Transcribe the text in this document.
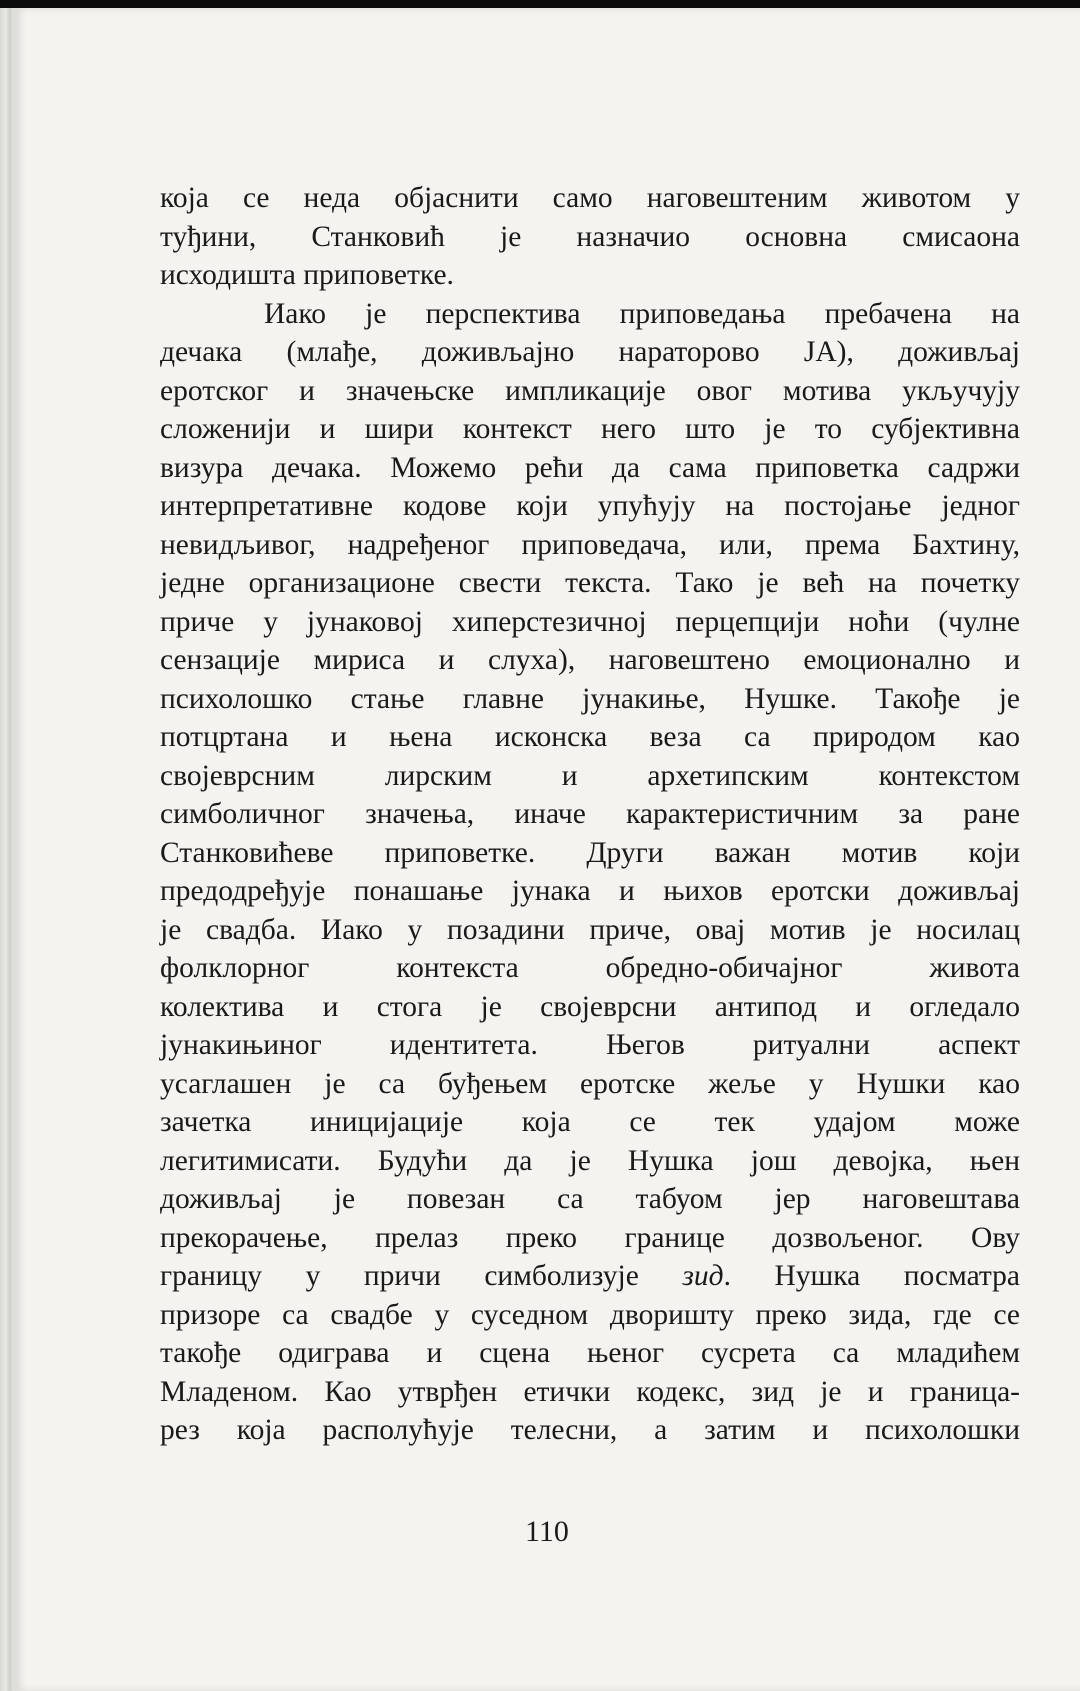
која се неда објаснити само наговештеним животом у
туђини, Станковић је назначио основна смисаона
исходишта приповетке.
Иако је перспектива приповедања пребачена на
дечака (млађе, доживљајно нараторово ЈА), доживљај
еротског и значењске импликације овог мотива укључују
сложенији и шири контекст него што је то субјективна
визура дечака. Можемо рећи да сама приповетка садржи
интерпретативне кодове који упућују на постојање једног
невидљивог, надређеног приповедача, или, према Бахтину,
једне организационе свести текста. Тако је већ на почетку
приче у јунаковој хиперстезичној перцепцији ноћи (чулне
сензације мириса и слуха), наговештено емоционално и
психолошко стање главне јунакиње, Нушке. Такође је
потцртана и њена исконска веза са природом као
својеврсним лирским и архетипским контекстом
симболичног значења, иначе карактеристичним за ране
Станковићеве приповетке. Други важан мотив који
предодређује понашање јунака и њихов еротски доживљај
је свадба. Иако у позадини приче, овај мотив је носилац
фолклорног контекста обредно-обичајног живота
колектива и стога је својеврсни антипод и огледало
јунакињиног идентитета. Његов ритуални аспект
усаглашен је са буђењем еротске жеље у Нушки као
зачетка иницијације која се тек удајом може
легитимисати. Будући да је Нушка још девојка, њен
доживљај је повезан са табуом јер наговештава
прекорачење, прелаз преко границе дозвољеног. Ову
границу у причи симболизује зид. Нушка посматра
призоре са свадбе у суседном дворишту преко зида, где се
такође одиграва и сцена њеног сусрета са младићем
Младеном. Као утврђен етички кодекс, зид је и граница-
рез која располућује телесни, а затим и психолошки
110
